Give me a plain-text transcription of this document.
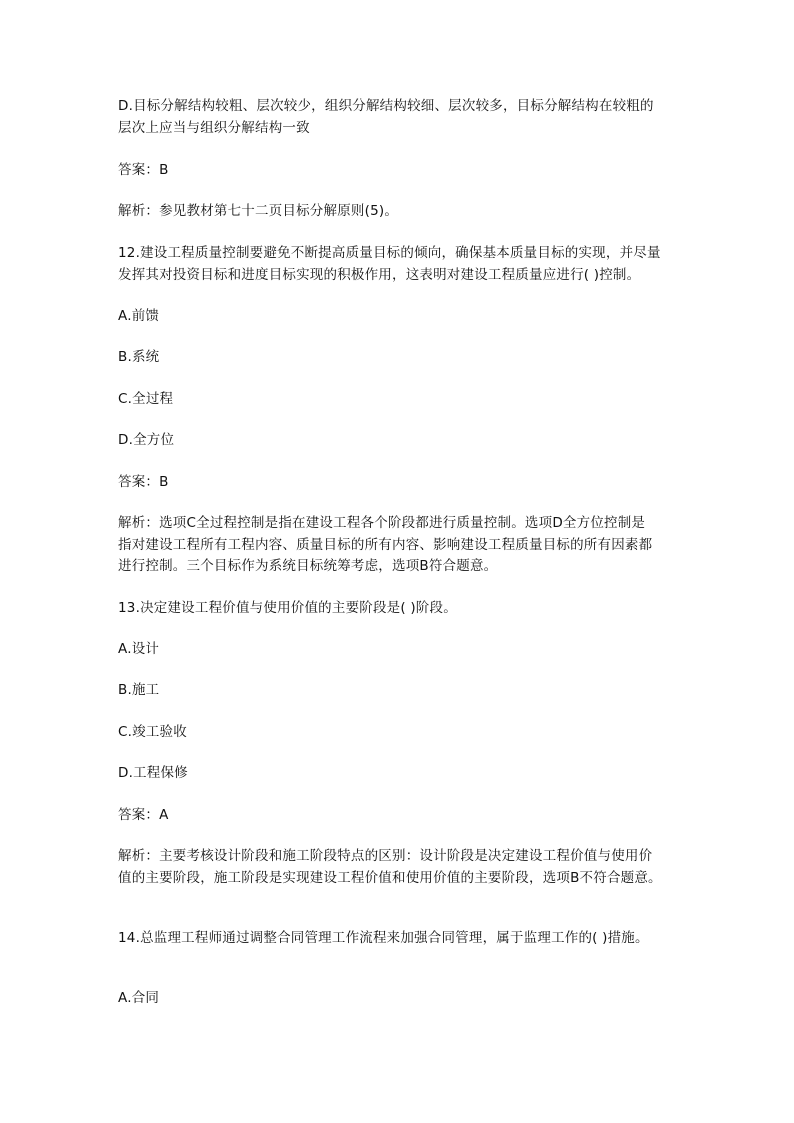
D.目标分解结构较粗、层次较少，组织分解结构较细、层次较多，目标分解结构在较粗的
层次上应当与组织分解结构一致
答案：B
解析：参见教材第七十二页目标分解原则(5)。
12.建设工程质量控制要避免不断提高质量目标的倾向，确保基本质量目标的实现，并尽量
发挥其对投资目标和进度目标实现的积极作用，这表明对建设工程质量应进行( )控制。
A.前馈
B.系统
C.全过程
D.全方位
答案：B
解析：选项C全过程控制是指在建设工程各个阶段都进行质量控制。选项D全方位控制是
指对建设工程所有工程内容、质量目标的所有内容、影响建设工程质量目标的所有因素都
进行控制。三个目标作为系统目标统筹考虑，选项B符合题意。
13.决定建设工程价值与使用价值的主要阶段是( )阶段。
A.设计
B.施工
C.竣工验收
D.工程保修
答案：A
解析：主要考核设计阶段和施工阶段特点的区别：设计阶段是决定建设工程价值与使用价
值的主要阶段，施工阶段是实现建设工程价值和使用价值的主要阶段，选项B不符合题意。
14.总监理工程师通过调整合同管理工作流程来加强合同管理，属于监理工作的( )措施。
A.合同
